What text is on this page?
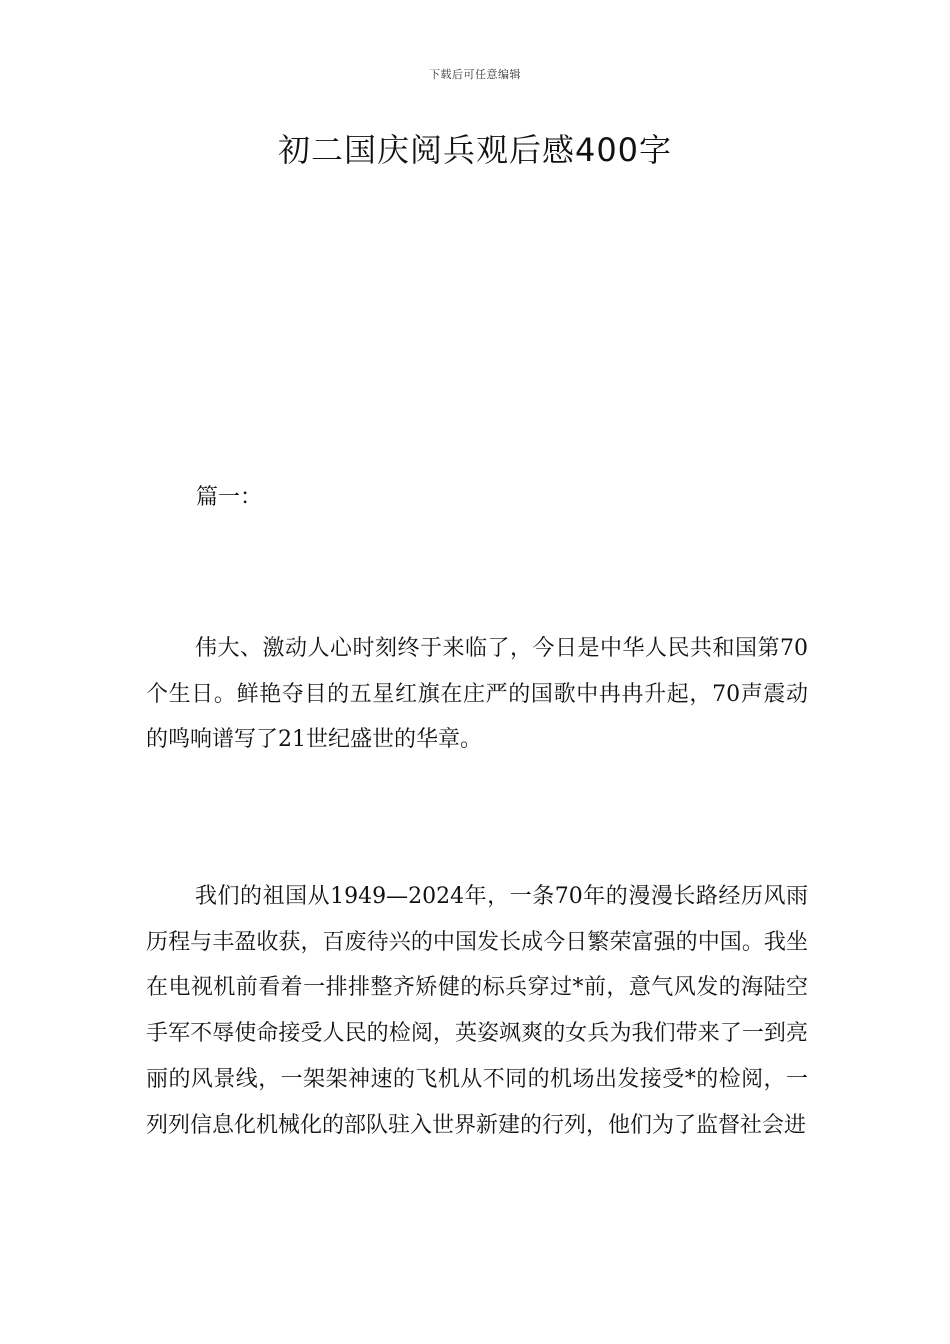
下载后可任意编辑
初二国庆阅兵观后感400字

篇一：

伟大、激动人心时刻终于来临了，今日是中华人民共和国第70个生日。鲜艳夺目的五星红旗在庄严的国歌中冉冉升起，70声震动的鸣响谱写了21世纪盛世的华章。

我们的祖国从1949—2024年，一条70年的漫漫长路经历风雨历程与丰盈收获，百废待兴的中国发长成今日繁荣富强的中国。我坐在电视机前看着一排排整齐矫健的标兵穿过*前，意气风发的海陆空手军不辱使命接受人民的检阅，英姿飒爽的女兵为我们带来了一到亮丽的风景线，一架架神速的飞机从不同的机场出发接受*的检阅，一列列信息化机械化的部队驻入世界新建的行列，他们为了监督社会进
